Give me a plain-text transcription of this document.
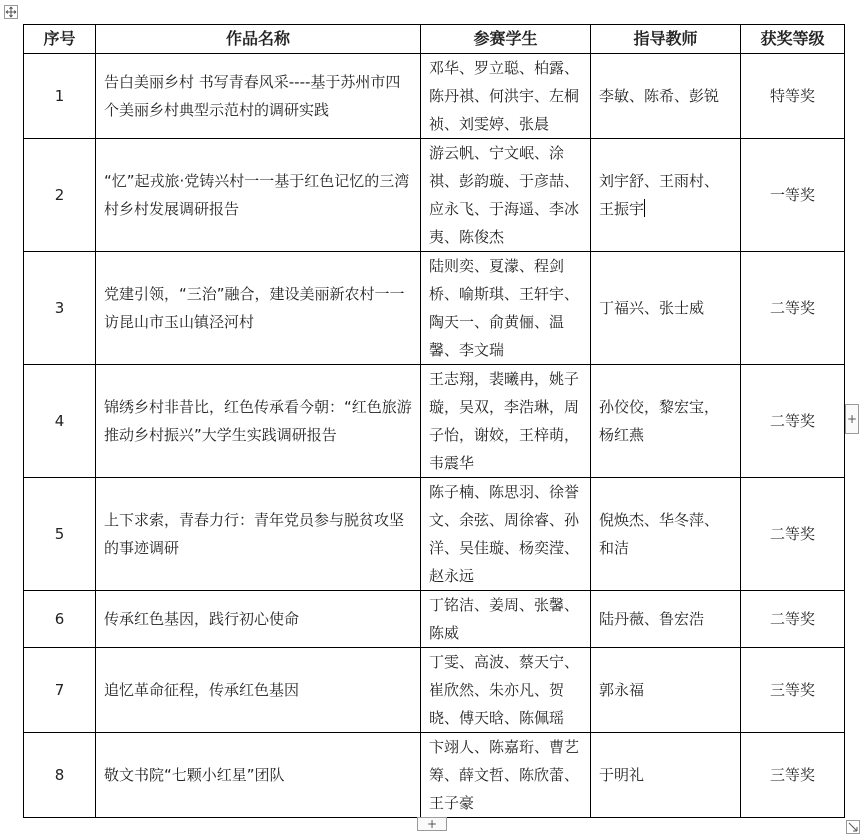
序号	作品名称	参赛学生	指导教师	获奖等级
1	告白美丽乡村 书写青春风采----基于苏州市四个美丽乡村典型示范村的调研实践	邓华、罗立聪、柏露、陈丹祺、何洪宇、左桐祯、刘雯婷、张晨	李敏、陈希、彭锐	特等奖
2	“忆”起戎旅·党铸兴村一一基于红色记忆的三湾村乡村发展调研报告	游云帆、宁文岷、涂祺、彭韵璇、于彦喆、应永飞、于海遥、李冰夷、陈俊杰	刘宇舒、王雨村、王振宇	一等奖
3	党建引领，“三治”融合，建设美丽新农村一一访昆山市玉山镇泾河村	陆则奕、夏濛、程剑桥、喻斯琪、王轩宇、陶天一、俞黄俪、温馨、李文瑞	丁福兴、张士威	二等奖
4	锦绣乡村非昔比，红色传承看今朝：“红色旅游推动乡村振兴”大学生实践调研报告	王志翔，裴曦冉，姚子璇，吴双，李浩琳，周子怡，谢姣，王梓萌，韦震华	孙佼佼，黎宏宝，杨红燕	二等奖
5	上下求索，青春力行：青年党员参与脱贫攻坚的事迹调研	陈子楠、陈思羽、徐誉文、余弦、周徐睿、孙洋、吴佳璇、杨奕滢、赵永远	倪焕杰、华冬萍、和洁	二等奖
6	传承红色基因，践行初心使命	丁铭洁、姜周、张馨、陈威	陆丹薇、鲁宏浩	二等奖
7	追忆革命征程，传承红色基因	丁雯、高波、蔡天宁、崔欣然、朱亦凡、贺晓、傅天晗、陈佩瑶	郭永福	三等奖
8	敬文书院“七颗小红星”团队	卞翊人、陈嘉珩、曹艺筹、薛文哲、陈欣蕾、王子豪	于明礼	三等奖
+
+
